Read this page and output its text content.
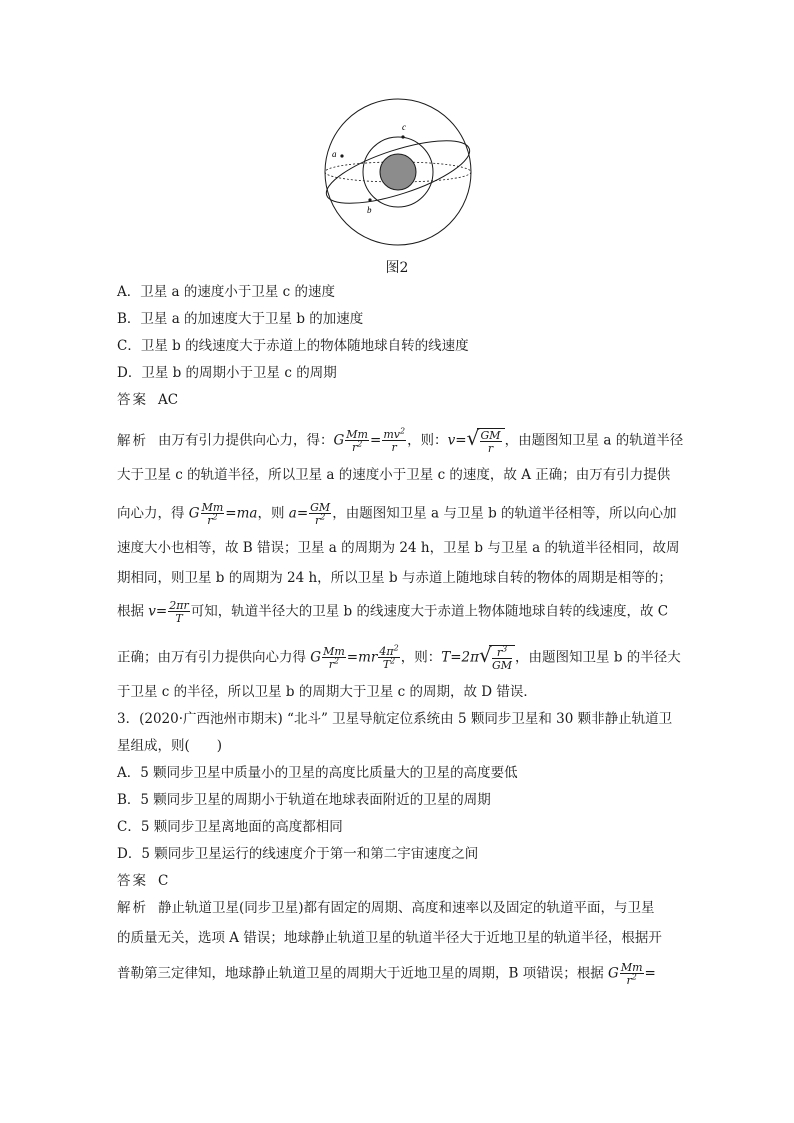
a
b
c
图2
A．卫星 a 的速度小于卫星 c 的速度
B．卫星 a 的加速度大于卫星 b 的加速度
C．卫星 b 的线速度大于赤道上的物体随地球自转的线速度
D．卫星 b 的周期小于卫星 c 的周期
答案 AC
解析 由万有引力提供向心力，得：G $\frac{Mm}{r^2} = \frac{mv^2}{r}$ ，则：v= √ $\frac{GM}{r}$ ，由题图知卫星 a 的轨道半径
大于卫星 c 的轨道半径，所以卫星 a 的速度小于卫星 c 的速度，故 A 正确；由万有引力提供
向心力，得 G $\frac{Mm}{r^2} =ma$，则 $a= \frac{GM}{r^2}$ ，由题图知卫星 a 与卫星 b 的轨道半径相等，所以向心加
速度大小也相等，故 B 错误；卫星 a 的周期为 24 h，卫星 b 与卫星 a 的轨道半径相同，故周
期相同，则卫星 b 的周期为 24 h，所以卫星 b 与赤道上随地球自转的物体的周期是相等的；
根据 $v= \frac{2\pi r}{T}$ 可知，轨道半径大的卫星 b 的线速度大于赤道上物体随地球自转的线速度，故 C
正确；由万有引力提供向心力得 G $\frac{Mm}{r^2} =mr \frac{4\pi^2}{T^2}$ ，则：T=2π √ $\frac{r^3}{GM}$ ，由题图知卫星 b 的半径大
于卫星 c 的半径，所以卫星 b 的周期大于卫星 c 的周期，故 D 错误．
3．(2020·广西池州市期末) “北斗” 卫星导航定位系统由 5 颗同步卫星和 30 颗非静止轨道卫
星组成，则(　　)
A．5 颗同步卫星中质量小的卫星的高度比质量大的卫星的高度要低
B．5 颗同步卫星的周期小于轨道在地球表面附近的卫星的周期
C．5 颗同步卫星离地面的高度都相同
D．5 颗同步卫星运行的线速度介于第一和第二宇宙速度之间
答案 C
解析 静止轨道卫星(同步卫星)都有固定的周期、高度和速率以及固定的轨道平面，与卫星
的质量无关，选项 A 错误；地球静止轨道卫星的轨道半径大于近地卫星的轨道半径，根据开
普勒第三定律知，地球静止轨道卫星的周期大于近地卫星的周期，B 项错误；根据 G $\frac{Mm}{r^2}$ =
